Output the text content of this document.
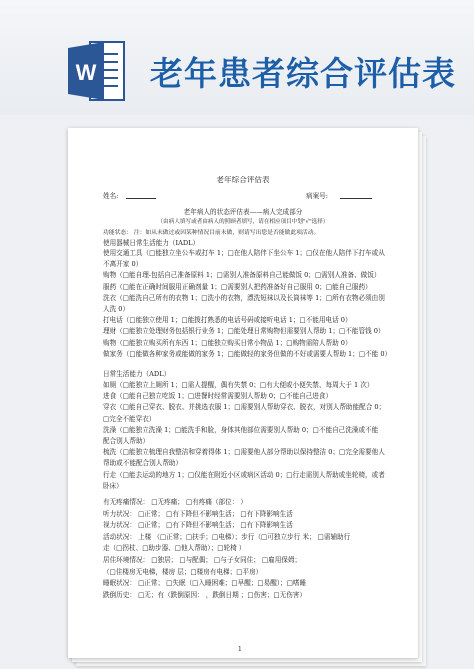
W 老年患者综合评估表
老年综合评估表
姓名:	病案号:
老年病人的状态评估表——病人完成部分
（由病人填写或者由病人的照顾者填写，请在相应项目中划"√"选择）
功能状态： 注：如从未做过或因某种情况目前未做，则请写出您是否能做此项活动。
使用器械日常生活能力（IADL）
使用交通工具（□能独立坐公车或打车 1；□在他人陪伴下坐公车 1；□仅在他人陪伴下打车或从
不离开家 0）
购物（□能自理-包括自己准备原料 1；□需别人准备原料自己能做饭 0；□需别人准备、做饭）
服药（□能在正确时间服用正确剂量 1；□需要别人把药准备好自己服用 0；□能自己服药）
洗衣（□能洗自己所有的衣物 1；□洗小的衣物，漂洗短袜以及长筒袜等 1；□所有衣物必须由别
人洗 0）
打电话（□能独立使用 1；□能拨打熟悉的电话号码或接听电话 1；□不能用电话 0）
理财（□能独立处理财务包括银行业务 1；□能处理日常购物但需要别人帮助 1；□不能管钱 0）
购物（□能独立购买所有东西 1；□能独立购买日常小物品 1；□购物需陪人帮助 0）
做家务（□能做各种家务或能做的家务 1；□能做轻的家务但做的不好或需要人帮助 1；□不能 0）
日常生活能力（ADL）
如厕（□能独立上厕所 1；□需人提醒，偶有失禁 0；□有大便或小便失禁、每周大于 1 次）
进食（□能自己独立吃饭 1；□进餐时经常需要别人帮助 0；□不能自己进食）
穿衣（□能自己穿衣、脱衣、并挑选衣服 1；□需要别人帮助穿衣、脱衣，对别人帮助能配合 0；
□完全不能穿衣）
洗澡（□能独立洗澡 1；□能洗手和脸，身体其他部位需要别人帮助 0；□不能自己洗澡或不能
配合别人帮助）
梳洗（□能独立梳理自我整洁和穿着得体 1；□需要他人部分帮助以保持整洁 0；□完全需要他人
帮助或不能配合别人帮助）
行走（□能去运动的地方 1；□仅能在附近小区或病区活动 0；□行走需别人帮助或坐轮椅，或者
卧床）
有无疼痛情况： □无疼痛； □有疼痛（部位： ）
听力状况： □正常； □有下降但不影响生活； □有下降影响生活
视力状况： □正常； □有下降但不影响生活； □有下降影响生活
活动状况： 上楼 （□正常；□扶手；□电梯）；步行（□可独立步行 米； □需辅助行
走（□拐杖、□助步器、□他人帮助）；□轮椅 ）
居住环境情况： □独居； □与配偶； □与子女同住； □雇用保姆；
（□住楼房无电梯，楼房 层；□楼房有电梯；□平房）
睡眠状况： □正常； □失眠（□入睡困难；□早醒；□易醒）；□嗜睡
跌倒历史： □无；有（跌倒原因： ，跌倒日期 ；□伤害；□无伤害）
1
